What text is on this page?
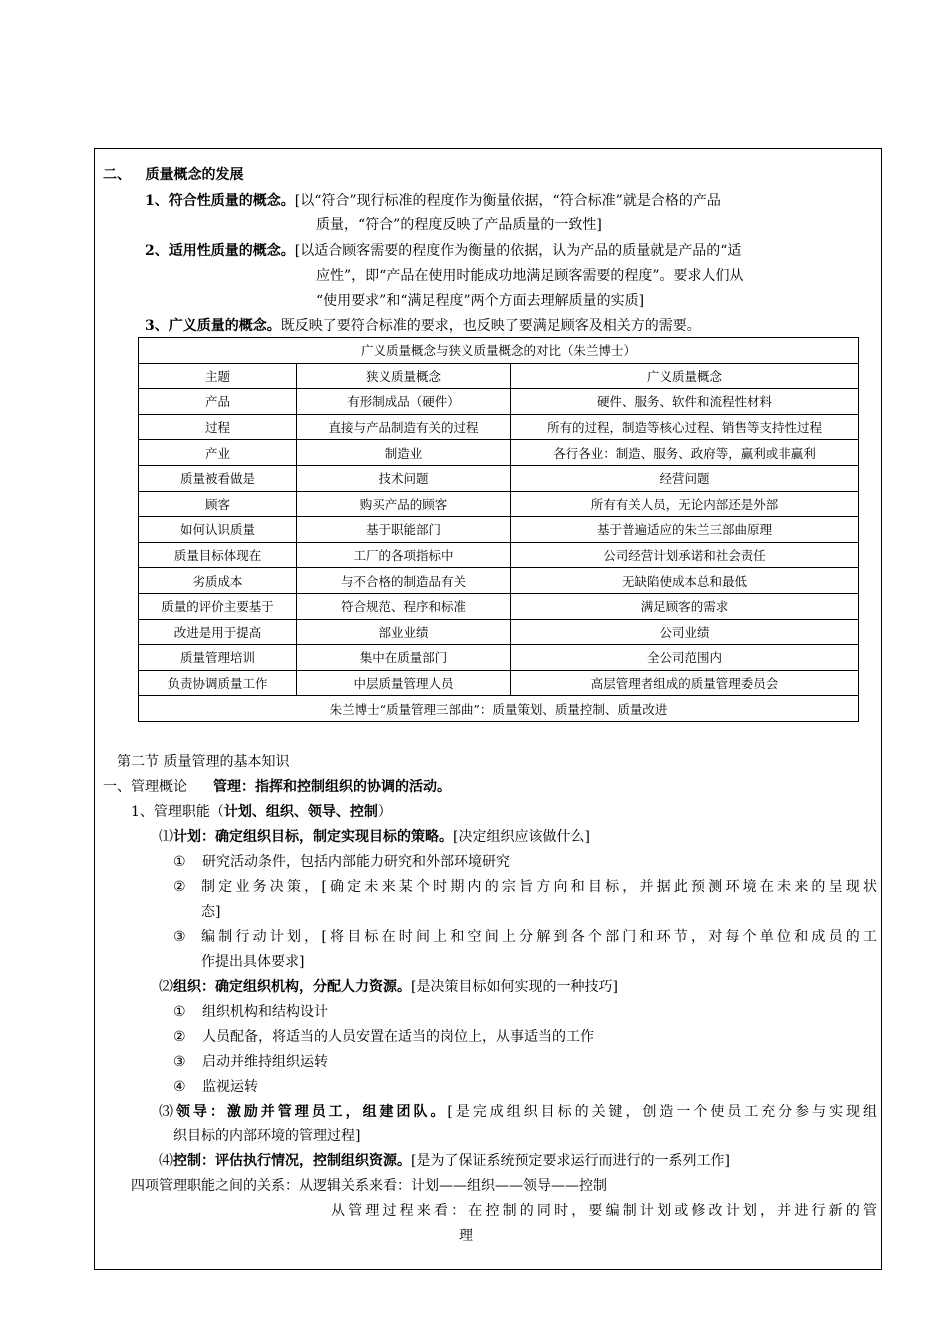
二、 质量概念的发展
1、符合性质量的概念。[以“符合”现行标准的程度作为衡量依据，“符合标准”就是合格的产品
质量，“符合”的程度反映了产品质量的一致性]
2、适用性质量的概念。[以适合顾客需要的程度作为衡量的依据，认为产品的质量就是产品的“适
应性”，即“产品在使用时能成功地满足顾客需要的程度”。要求人们从
“使用要求”和“满足程度”两个方面去理解质量的实质]
3、广义质量的概念。既反映了要符合标准的要求，也反映了要满足顾客及相关方的需要。
广义质量概念与狭义质量概念的对比（朱兰博士）		
主题	狭义质量概念	广义质量概念
产品	有形制成品（硬件）	硬件、服务、软件和流程性材料
过程	直接与产品制造有关的过程	所有的过程，制造等核心过程、销售等支持性过程
产业	制造业	各行各业：制造、服务、政府等，赢利或非赢利
质量被看做是	技术问题	经营问题
顾客	购买产品的顾客	所有有关人员，无论内部还是外部
如何认识质量	基于职能部门	基于普遍适应的朱兰三部曲原理
质量目标体现在	工厂的各项指标中	公司经营计划承诺和社会责任
劣质成本	与不合格的制造品有关	无缺陷使成本总和最低
质量的评价主要基于	符合规范、程序和标准	满足顾客的需求
改进是用于提高	部业业绩	公司业绩
质量管理培训	集中在质量部门	全公司范围内
负责协调质量工作	中层质量管理人员	高层管理者组成的质量管理委员会
朱兰博士“质量管理三部曲”：质量策划、质量控制、质量改进		
第二节 质量管理的基本知识
一、管理概论 管理：指挥和控制组织的协调的活动。
1、管理职能（计划、组织、领导、控制）
⑴计划：确定组织目标，制定实现目标的策略。[决定组织应该做什么]
① 研究活动条件，包括内部能力研究和外部环境研究
② 制定业务决策，[确定未来某个时期内的宗旨方向和目标，并据此预测环境在未来的呈现状
态]
③ 编制行动计划，[将目标在时间上和空间上分解到各个部门和环节，对每个单位和成员的工
作提出具体要求]
⑵组织：确定组织机构，分配人力资源。[是决策目标如何实现的一种技巧]
① 组织机构和结构设计
② 人员配备，将适当的人员安置在适当的岗位上，从事适当的工作
③ 启动并维持组织运转
④ 监视运转
⑶领导：激励并管理员工，组建团队。[是完成组织目标的关键，创造一个使员工充分参与实现组
织目标的内部环境的管理过程]
⑷控制：评估执行情况，控制组织资源。[是为了保证系统预定要求运行而进行的一系列工作]
四项管理职能之间的关系：从逻辑关系来看：计划——组织——领导——控制
从管理过程来看：在控制的同时，要编制计划或修改计划，并进行新的管
理
